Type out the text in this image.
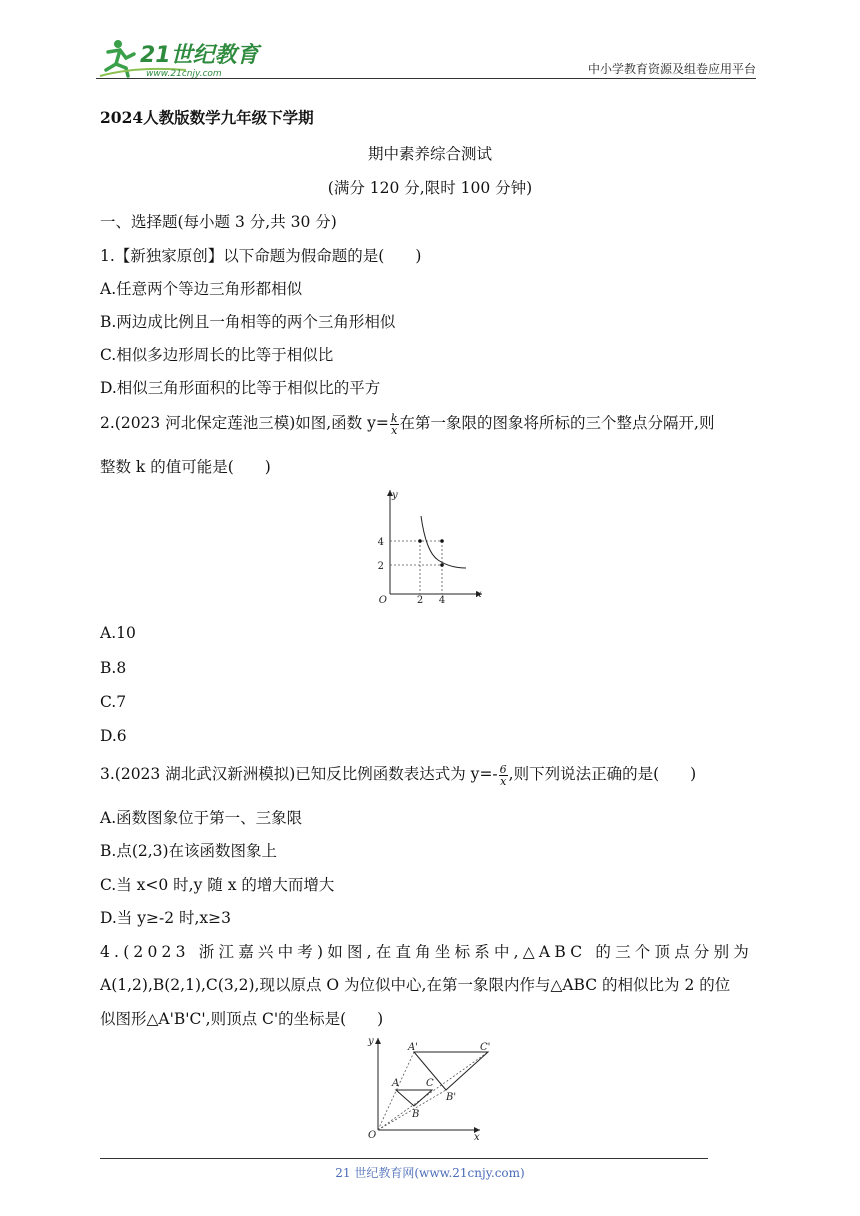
21世纪教育
www.21cnjy.com	中小学教育资源及组卷应用平台
2024人教版数学九年级下学期
期中素养综合测试
(满分 120 分,限时 100 分钟)
一、选择题(每小题 3 分,共 30 分)
1.【新独家原创】以下命题为假命题的是(　　)
A.任意两个等边三角形都相似
B.两边成比例且一角相等的两个三角形相似
C.相似多边形周长的比等于相似比
D.相似三角形面积的比等于相似比的平方
2.(2023 河北保定莲池三模)如图,函数 $y= \frac{k}{x}$ 在第一象限的图象将所标的三个整点分隔开,则
整数 k 的值可能是(　　)
y
x
O	2 4
4
2
A.10
B.8
C.7
D.6
3.(2023 湖北武汉新洲模拟)已知反比例函数表达式为 $y=- \frac{6}{x}$ ,则下列说法正确的是(　　)
A.函数图象位于第一、三象限
B.点(2,3)在该函数图象上
C.当 x<0 时,y 随 x 的增大而增大
D.当 y≥-2 时,x≥3
4.(2023 浙江嘉兴中考)如图,在直角坐标系中,△ABC 的三个顶点分别为
A(1,2),B(2,1),C(3,2),现以原点 O 为位似中心,在第一象限内作与△ABC 的相似比为 2 的位
似图形△A'B'C',则顶点 C'的坐标是(　　)
y
x
O
A
B
C
A'
B'
C'
21 世纪教育网(www.21cnjy.com)
